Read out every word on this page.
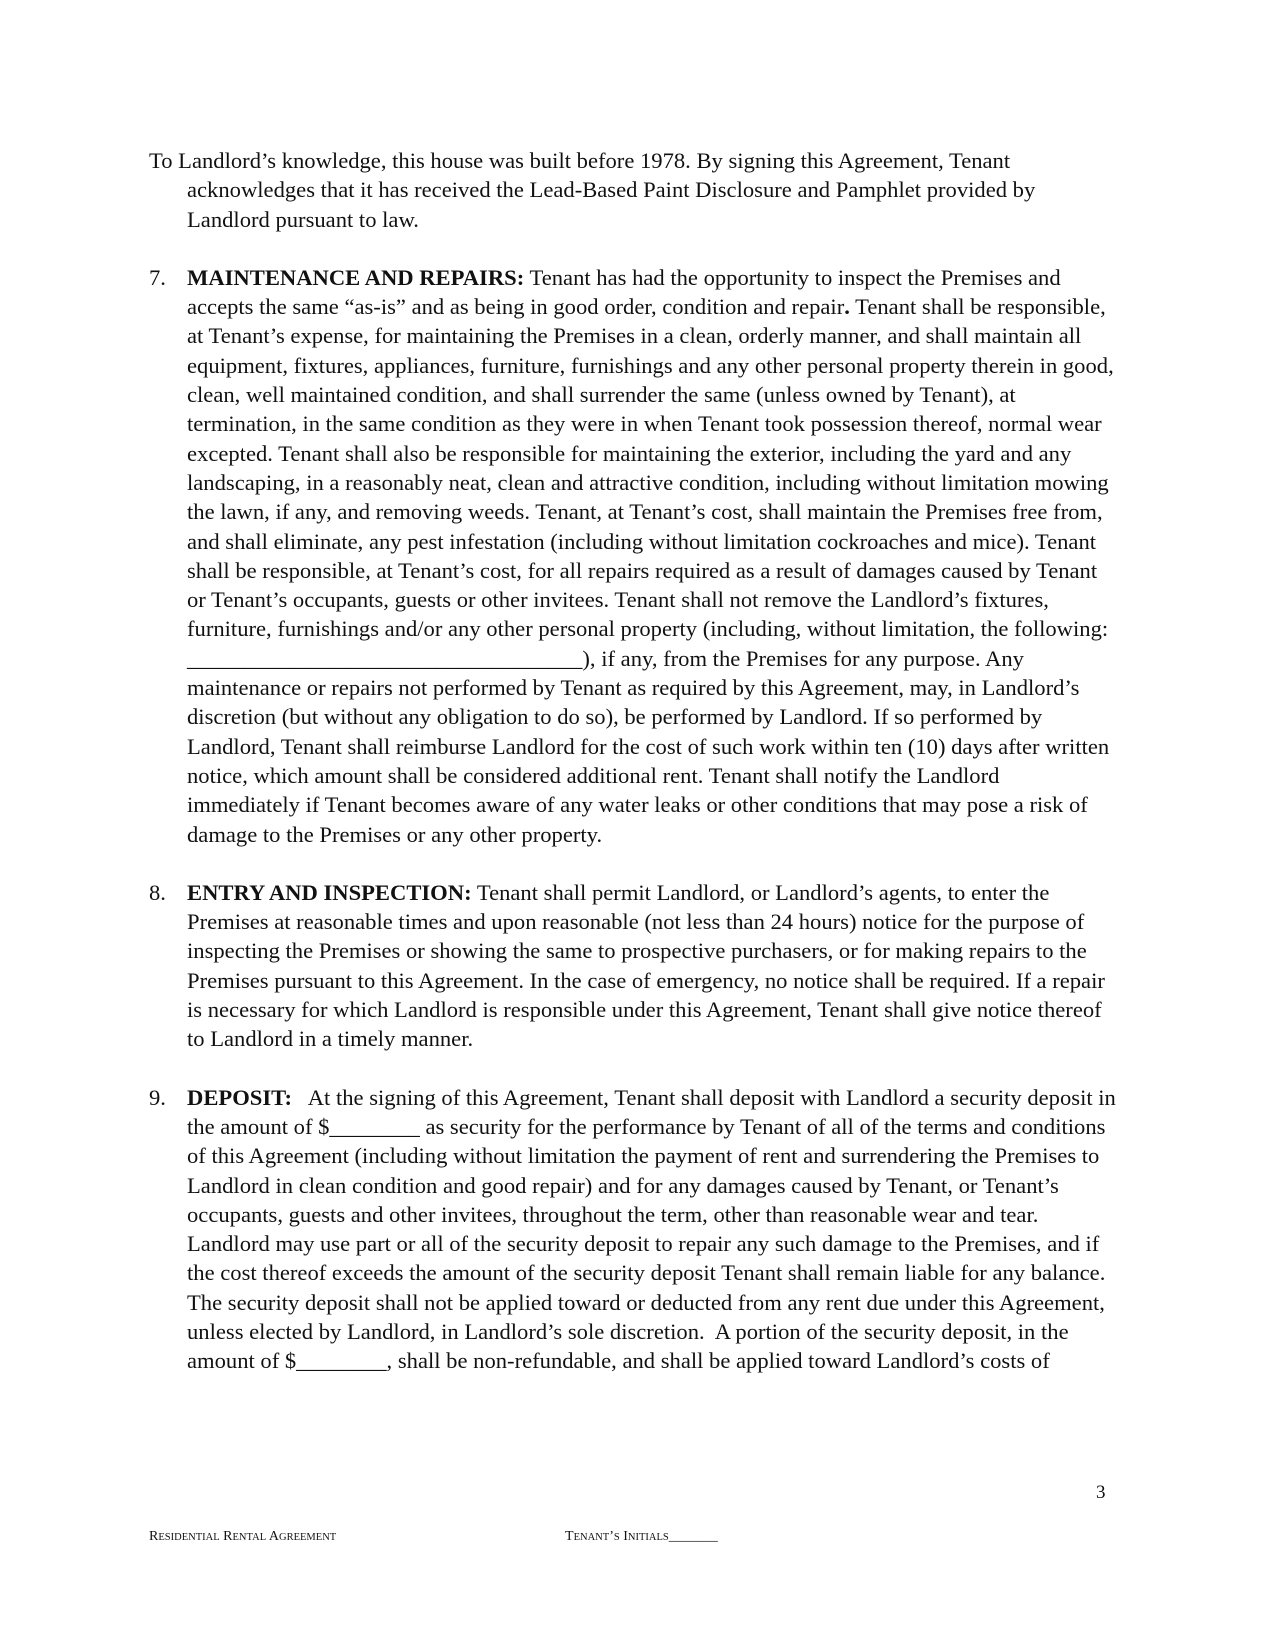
To Landlord’s knowledge, this house was built before 1978. By signing this Agreement, Tenant acknowledges that it has received the Lead-Based Paint Disclosure and Pamphlet provided by Landlord pursuant to law.

7. MAINTENANCE AND REPAIRS: Tenant has had the opportunity to inspect the Premises and accepts the same “as-is” and as being in good order, condition and repair. Tenant shall be responsible, at Tenant’s expense, for maintaining the Premises in a clean, orderly manner, and shall maintain all equipment, fixtures, appliances, furniture, furnishings and any other personal property therein in good, clean, well maintained condition, and shall surrender the same (unless owned by Tenant), at termination, in the same condition as they were in when Tenant took possession thereof, normal wear excepted. Tenant shall also be responsible for maintaining the exterior, including the yard and any landscaping, in a reasonably neat, clean and attractive condition, including without limitation mowing the lawn, if any, and removing weeds. Tenant, at Tenant’s cost, shall maintain the Premises free from, and shall eliminate, any pest infestation (including without limitation cockroaches and mice). Tenant shall be responsible, at Tenant’s cost, for all repairs required as a result of damages caused by Tenant or Tenant’s occupants, guests or other invitees. Tenant shall not remove the Landlord’s fixtures, furniture, furnishings and/or any other personal property (including, without limitation, the following: ___________________________________), if any, from the Premises for any purpose. Any maintenance or repairs not performed by Tenant as required by this Agreement, may, in Landlord’s discretion (but without any obligation to do so), be performed by Landlord. If so performed by Landlord, Tenant shall reimburse Landlord for the cost of such work within ten (10) days after written notice, which amount shall be considered additional rent. Tenant shall notify the Landlord immediately if Tenant becomes aware of any water leaks or other conditions that may pose a risk of damage to the Premises or any other property.

8. ENTRY AND INSPECTION: Tenant shall permit Landlord, or Landlord’s agents, to enter the Premises at reasonable times and upon reasonable (not less than 24 hours) notice for the purpose of inspecting the Premises or showing the same to prospective purchasers, or for making repairs to the Premises pursuant to this Agreement. In the case of emergency, no notice shall be required. If a repair is necessary for which Landlord is responsible under this Agreement, Tenant shall give notice thereof to Landlord in a timely manner.

9. DEPOSIT:   At the signing of this Agreement, Tenant shall deposit with Landlord a security deposit in the amount of $________ as security for the performance by Tenant of all of the terms and conditions of this Agreement (including without limitation the payment of rent and surrendering the Premises to Landlord in clean condition and good repair) and for any damages caused by Tenant, or Tenant’s occupants, guests and other invitees, throughout the term, other than reasonable wear and tear.  Landlord may use part or all of the security deposit to repair any such damage to the Premises, and if the cost thereof exceeds the amount of the security deposit Tenant shall remain liable for any balance.  The security deposit shall not be applied toward or deducted from any rent due under this Agreement, unless elected by Landlord, in Landlord’s sole discretion.  A portion of the security deposit, in the amount of $________, shall be non-refundable, and shall be applied toward Landlord’s costs of

3
RESIDENTIAL RENTAL AGREEMENT	TENANT’S INITIALS_______
